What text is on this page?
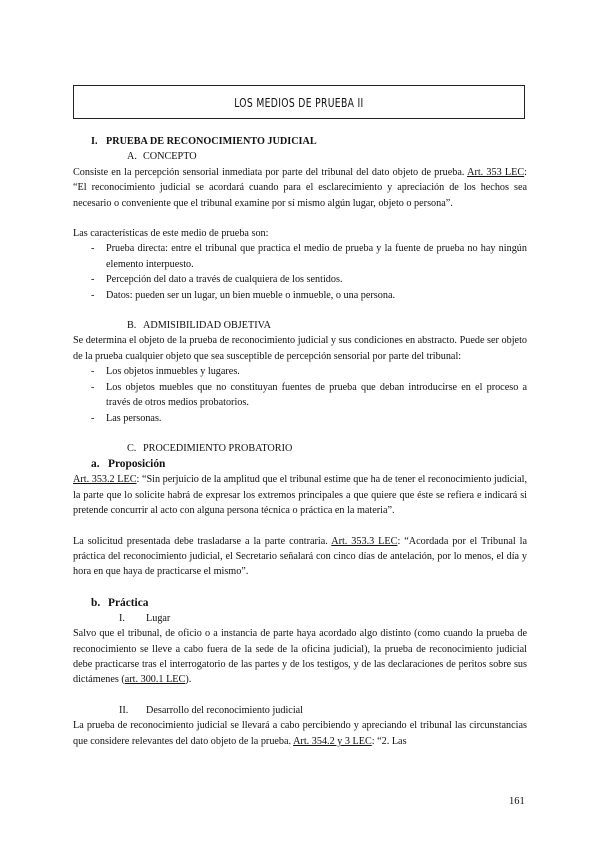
LOS MEDIOS DE PRUEBA II

I. PRUEBA DE RECONOCIMIENTO JUDICIAL

A. CONCEPTO

Consiste en la percepción sensorial inmediata por parte del tribunal del dato objeto de prueba. Art. 353 LEC: “El reconocimiento judicial se acordará cuando para el esclarecimiento y apreciación de los hechos sea necesario o conveniente que el tribunal examine por sí mismo algún lugar, objeto o persona”.

Las características de este medio de prueba son:

- Prueba directa: entre el tribunal que practica el medio de prueba y la fuente de prueba no hay ningún elemento interpuesto.
- Percepción del dato a través de cualquiera de los sentidos.
- Datos: pueden ser un lugar, un bien mueble o inmueble, o una persona.

B. ADMISIBILIDAD OBJETIVA

Se determina el objeto de la prueba de reconocimiento judicial y sus condiciones en abstracto. Puede ser objeto de la prueba cualquier objeto que sea susceptible de percepción sensorial por parte del tribunal:

- Los objetos inmuebles y lugares.
- Los objetos muebles que no constituyan fuentes de prueba que deban introducirse en el proceso a través de otros medios probatorios.
- Las personas.

C. PROCEDIMIENTO PROBATORIO

a. Proposición

Art. 353.2 LEC: “Sin perjuicio de la amplitud que el tribunal estime que ha de tener el reconocimiento judicial, la parte que lo solicite habrá de expresar los extremos principales a que quiere que éste se refiera e indicará si pretende concurrir al acto con alguna persona técnica o práctica en la materia”.

La solicitud presentada debe trasladarse a la parte contraria. Art. 353.3 LEC: “Acordada por el Tribunal la práctica del reconocimiento judicial, el Secretario señalará con cinco días de antelación, por lo menos, el día y hora en que haya de practicarse el mismo”.

b. Práctica

I. Lugar

Salvo que el tribunal, de oficio o a instancia de parte haya acordado algo distinto (como cuando la prueba de reconocimiento se lleve a cabo fuera de la sede de la oficina judicial), la prueba de reconocimiento judicial debe practicarse tras el interrogatorio de las partes y de los testigos, y de las declaraciones de peritos sobre sus dictámenes (art. 300.1 LEC).

II. Desarrollo del reconocimiento judicial

La prueba de reconocimiento judicial se llevará a cabo percibiendo y apreciando el tribunal las circunstancias que considere relevantes del dato objeto de la prueba. Art. 354.2 y 3 LEC: “2. Las

161
